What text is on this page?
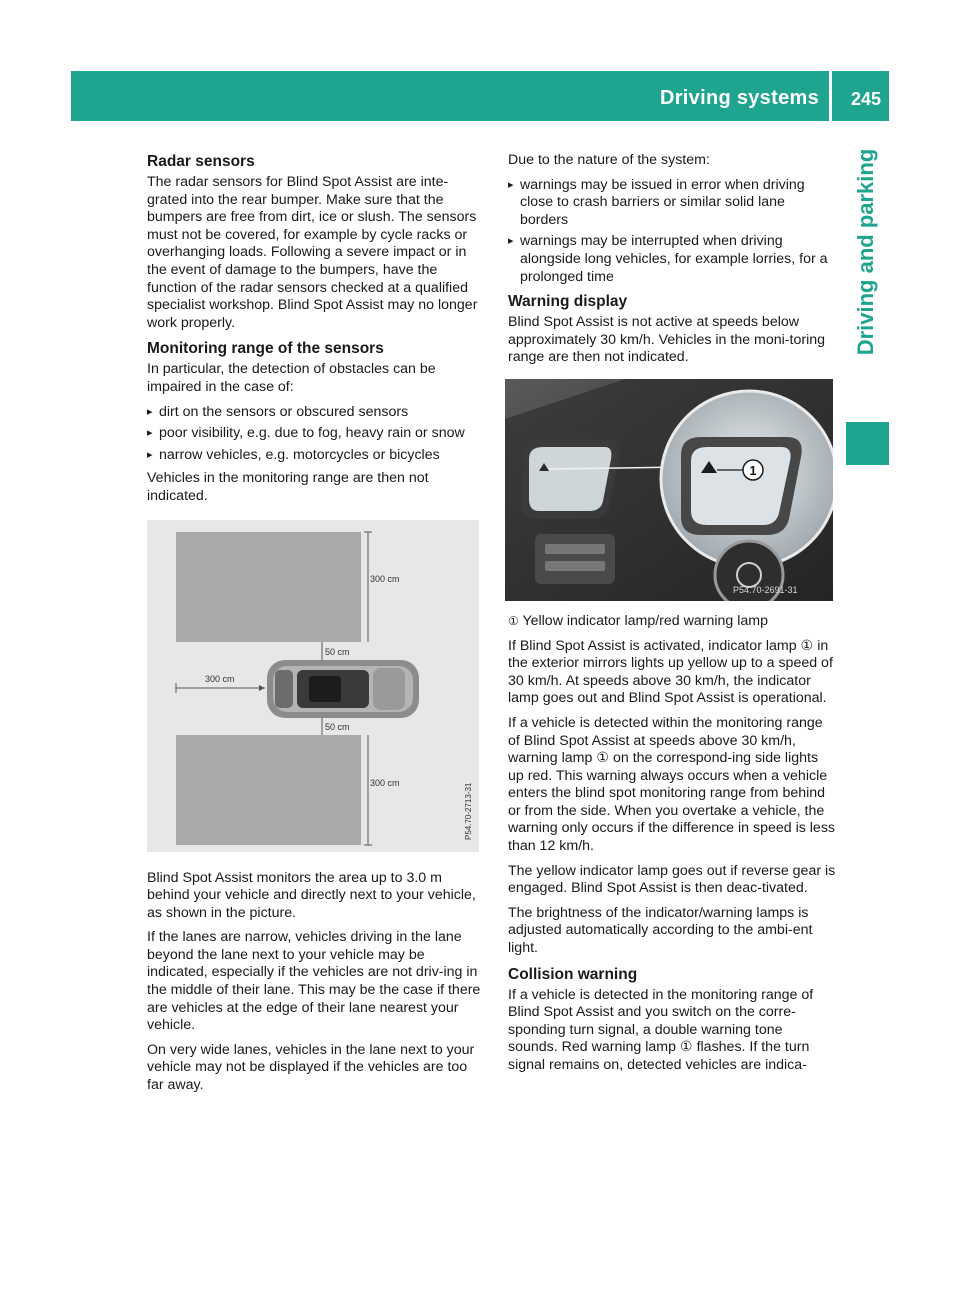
Driving systems 245
Driving and parking
Radar sensors

The radar sensors for Blind Spot Assist are inte-grated into the rear bumper. Make sure that the bumpers are free from dirt, ice or slush. The sensors must not be covered, for example by cycle racks or overhanging loads. Following a severe impact or in the event of damage to the bumpers, have the function of the radar sensors checked at a qualified specialist workshop. Blind Spot Assist may no longer work properly.

Monitoring range of the sensors

In particular, the detection of obstacles can be impaired in the case of:

▸ dirt on the sensors or obscured sensors
▸ poor visibility, e.g. due to fog, heavy rain or snow
▸ narrow vehicles, e.g. motorcycles or bicycles

Vehicles in the monitoring range are then not indicated.

300 cm
50 cm
300 cm
50 cm
300 cm	P54.70-2713-31

Blind Spot Assist monitors the area up to 3.0 m behind your vehicle and directly next to your vehicle, as shown in the picture.

If the lanes are narrow, vehicles driving in the lane beyond the lane next to your vehicle may be indicated, especially if the vehicles are not driv-ing in the middle of their lane. This may be the case if there are vehicles at the edge of their lane nearest your vehicle.

On very wide lanes, vehicles in the lane next to your vehicle may not be displayed if the vehicles are too far away.

Due to the nature of the system:

▸ warnings may be issued in error when driving close to crash barriers or similar solid lane borders
▸ warnings may be interrupted when driving alongside long vehicles, for example lorries, for a prolonged time
Warning display

Blind Spot Assist is not active at speeds below approximately 30 km/h. Vehicles in the moni-toring range are then not indicated.

1
P54.70-2691-31

① Yellow indicator lamp/red warning lamp

If Blind Spot Assist is activated, indicator lamp ① in the exterior mirrors lights up yellow up to a speed of 30 km/h. At speeds above 30 km/h, the indicator lamp goes out and Blind Spot Assist is operational.

If a vehicle is detected within the monitoring range of Blind Spot Assist at speeds above 30 km/h, warning lamp ① on the correspond-ing side lights up red. This warning always occurs when a vehicle enters the blind spot monitoring range from behind or from the side. When you overtake a vehicle, the warning only occurs if the difference in speed is less than 12 km/h.

The yellow indicator lamp goes out if reverse gear is engaged. Blind Spot Assist is then deac-tivated.

The brightness of the indicator/warning lamps is adjusted automatically according to the ambi-ent light.

Collision warning

If a vehicle is detected in the monitoring range of Blind Spot Assist and you switch on the corre-sponding turn signal, a double warning tone sounds. Red warning lamp ① flashes. If the turn signal remains on, detected vehicles are indica-
